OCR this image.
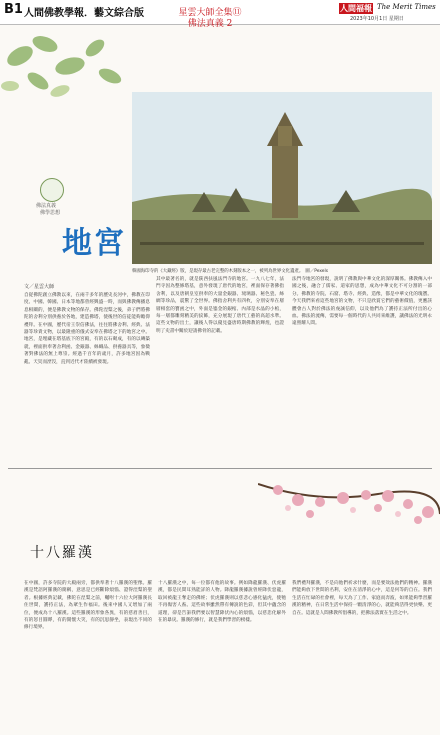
B1 人間佛教學報．藝文綜合版	星雲大師全集⑪
佛法真義 2
人間福報 The Merit Times
2023年10月1日 星期日
韓國海印寺的《大藏經》版，是現存最古老完整的木刻版本之一，被列為世界文化遺產。　圖／Pexels
佛法真義
佛學思想
地宮
文／星雲大師
自從佛陀創立佛教以來，在兩千多年的歷史長河中，佛教在印度、中國、韓國、日本等地都曾經興盛一時，而與佛教傳播息息相關的，便是佛教文物的保存。佛陀涅槃之後，弟子們將佛陀的舍利分別供養於各地，建造佛塔，使後世的信徒能夠瞻仰禮拜。在中國，歷代帝王崇信佛法，往往將佛舍利、經典、法器等珍貴文物，以最隆重的儀式安奉在佛塔之下的地宮之中。地宮，是埋藏在塔基底下的宮殿，有的以石砌成，有的以磚築就，裡面供奉著舍利函、金銀器、絲織品、供養器具等，象徵著對佛法的無上尊崇。經過千百年的歲月，許多地宮因為戰亂、天災而湮沒，直到近代才陸續被發現。
其中最著名的，就是陝西扶風法門寺的地宮。一九八七年，法門寺因為整修塔基，意外發現了唐代的地宮，裡面保存著佛指舍利，以及唐朝皇室供奉的大量金銀器、琉璃器、秘色瓷、絲綢等珍品，震驚了全世界。佛指舍利共有四枚，分別安奉在層層相套的寶函之中，外面是鎏金的銀棺、內部是水晶的小棺，每一層都雕刻精美的紋飾，充分展現了唐代工藝的高超水準。這些文物的出土，讓後人得以窺見盛唐時期佛教的輝煌，也證明了史書中關於迎請佛骨的記載。
法門寺地宮的發現，說明了佛教與中華文化的深厚關係。佛教傳入中國之後，融合了儒家、道家的思想，成為中華文化不可分割的一部分。佛教的寺院、石窟、塔寺、經典、造像，都是中華文化的瑰寶。今天我們來看這些地宮的文物，不只是欣賞它們的藝術價值，更應該體會古人對於佛法的虔誠信仰，以及他們為了護持正法所付出的心血。佛法的流傳，需要每一個時代的人共同來維護，讓佛法的光明永遠照耀人間。
十八羅漢
在中國，許多寺院的大殿兩旁，都供奉著十八羅漢的聖像。羅漢是梵語阿羅漢的簡稱，意思是已經斷除煩惱、證得涅槃的聖者。根據經典記載，佛陀在涅槃之前，囑咐十六位大阿羅漢長住世間，護持正法，為眾生作福田。後來中國人又增加了兩位，便成為十八羅漢。這些羅漢的形象各異，有的慈眉善目，有的怒目圓睜，有的開懷大笑，有的沉思靜坐，表現出不同的修行境界。
十八羅漢之中，每一位都有他的故事。例如降龍羅漢、伏虎羅漢，都是民間耳熟能詳的人物。降龍羅漢據說曾經降伏惡龍，取回被龍王奪走的佛經；伏虎羅漢則以慈悲心感化猛虎，使牠不再傷害人畜。這些故事雖然帶有傳說的色彩，但其中蘊含的道理，卻是告訴我們要以智慧降伏內心的煩惱，以慈悲化解外在的暴戾。羅漢的修行，就是我們學習的榜樣。
我們禮拜羅漢，不是向他們祈求什麼，而是要效法他們的精神。羅漢們能夠放下世間的名利，安住在清淨的心中，這是何等的自在。我們生活在忙碌的社會裡，每天為了工作、家庭而奔波，如果能夠學習羅漢的精神，在日常生活中保持一顆清淨的心，就能夠活得更快樂、更自在。這就是人間佛教所倡導的，把佛法落實在生活之中。
